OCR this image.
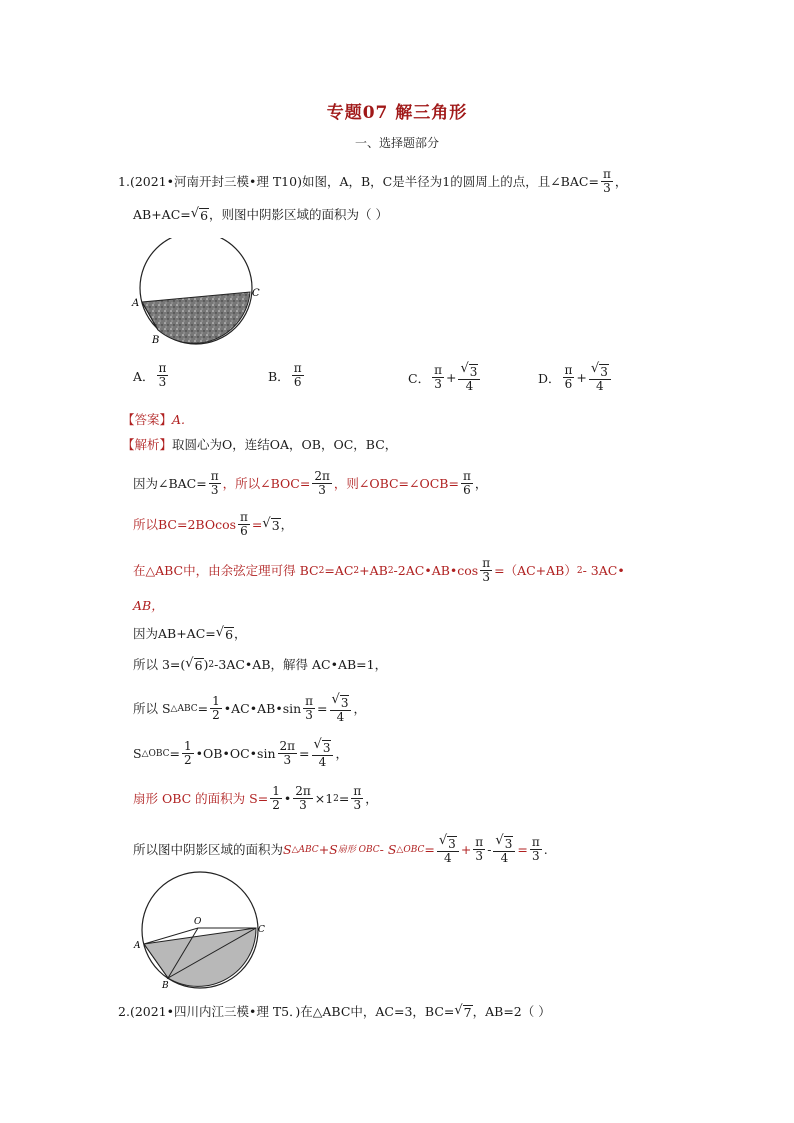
专题07 解三角形
一、选择题部分
1. (2021•河南开封三模•理 T10) 如图，A，B，C是半径为1的圆周上的点，且∠BAC= $\frac{\pi}{3}$ ，
AB+AC= √ 6 ，则图中阴影区域的面积为（ ）
A
B
C
A． $\frac{\pi}{3}$	B． $\frac{\pi}{6}$	C． $\frac{\pi}{3} + \frac{√ 3}{4}$	D． $\frac{\pi}{6} + \frac{√ 3}{4}$
【答案】 A.
【解析】 取圆心为O，连结OA，OB，OC，BC，
因为∠BAC= $\frac{\pi}{3}$ ，所以∠BOC= $\frac{2\pi}{3}$ ，则∠OBC=∠OCB= $\frac{\pi}{6}$ ，
所以$BC=2BOcos \frac{\pi}{6}$ = √ 3 ，
在△ABC中，由余弦定理可得 BC 2 =AC 2 +AB 2 -2AC•AB•cos $\frac{\pi}{3} =(AC+AB)$ 2 - 3AC•
AB，
因为AB+AC= √ 6 ，
所以 3=( √ 6 ) 2 -3AC•AB，解得 AC•AB=1，
所以 S △ABC = $\frac{1}{2}$ •AC•AB•sin $\frac{\pi}{3} = \frac{√ 3}{4}$ ，
S △OBC = $\frac{1}{2}$ •OB•OC•sin $\frac{2\pi}{3} = \frac{√ 3}{4}$ ，
扇形 OBC 的面积为 $S= \frac{1}{2}$ • $\frac{2\pi}{3} \times 1$ $2 = \frac{\pi}{3}$ ，
所以图中阴影区域的面积为 S △ABC +S 扇形 OBC - S △OBC = $\frac{√ 3}{4} + \frac{\pi}{3} - \frac{√ 3}{4} = \frac{\pi}{3}$ .
A
O
C
B
2. (2021•四川内江三模•理 T5．) 在△ABC中，AC=3，BC= √ 7 ，AB=2（ ）
